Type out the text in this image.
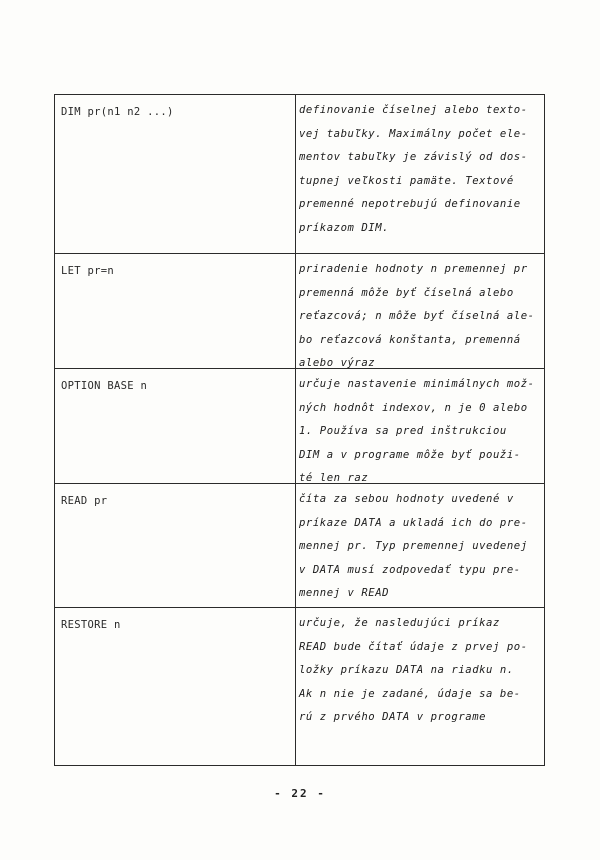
DIM pr(n1 n2 ...)	definovanie číselnej alebo texto-
vej tabuľky. Maximálny počet ele-
mentov tabuľky je závislý od dos-
tupnej veľkosti pamäte. Textové
premenné nepotrebujú definovanie
príkazom DIM.
LET pr=n	priradenie hodnoty n premennej pr
premenná môže byť číselná alebo
reťazcová; n môže byť číselná ale-
bo reťazcová konštanta, premenná
alebo výraz
OPTION BASE n	určuje nastavenie minimálnych mož-
ných hodnôt indexov, n je 0 alebo
1. Používa sa pred inštrukciou
DIM a v programe môže byť použi-
té len raz
READ pr	číta za sebou hodnoty uvedené v
príkaze DATA a ukladá ich do pre-
mennej pr. Typ premennej uvedenej
v DATA musí zodpovedať typu pre-
mennej v READ
RESTORE n	určuje, že nasledujúci príkaz
READ bude čítať údaje z prvej po-
ložky príkazu DATA na riadku n.
Ak n nie je zadané, údaje sa be-
rú z prvého DATA v programe
- 22 -
